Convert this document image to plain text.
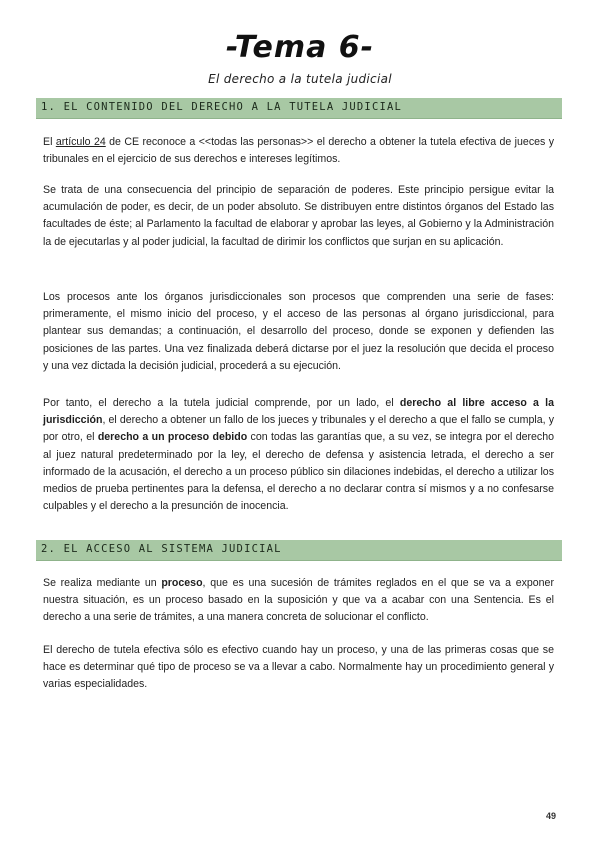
-Tema 6-
El derecho a la tutela judicial
1. EL CONTENIDO DEL DERECHO A LA TUTELA JUDICIAL
El artículo 24 de CE reconoce a <<todas las personas>> el derecho a obtener la tutela efectiva de jueces y tribunales en el ejercicio de sus derechos e intereses legítimos.
Se trata de una consecuencia del principio de separación de poderes. Este principio persigue evitar la acumulación de poder, es decir, de un poder absoluto. Se distribuyen entre distintos órganos del Estado las facultades de éste; al Parlamento la facultad de elaborar y aprobar las leyes, al Gobierno y la Administración la de ejecutarlas y al poder judicial, la facultad de dirimir los conflictos que surjan en su aplicación.
Los procesos ante los órganos jurisdiccionales son procesos que comprenden una serie de fases: primeramente, el mismo inicio del proceso, y el acceso de las personas al órgano jurisdiccional, para plantear sus demandas; a continuación, el desarrollo del proceso, donde se exponen y defienden las posiciones de las partes. Una vez finalizada deberá dictarse por el juez la resolución que decida el proceso y una vez dictada la decisión judicial, procederá a su ejecución.
Por tanto, el derecho a la tutela judicial comprende, por un lado, el derecho al libre acceso a la jurisdicción, el derecho a obtener un fallo de los jueces y tribunales y el derecho a que el fallo se cumpla, y por otro, el derecho a un proceso debido con todas las garantías que, a su vez, se integra por el derecho al juez natural predeterminado por la ley, el derecho de defensa y asistencia letrada, el derecho a ser informado de la acusación, el derecho a un proceso público sin dilaciones indebidas, el derecho a utilizar los medios de prueba pertinentes para la defensa, el derecho a no declarar contra sí mismos y a no confesarse culpables y el derecho a la presunción de inocencia.
2. EL ACCESO AL SISTEMA JUDICIAL
Se realiza mediante un proceso, que es una sucesión de trámites reglados en el que se va a exponer nuestra situación, es un proceso basado en la suposición y que va a acabar con una Sentencia. Es el derecho a una serie de trámites, a una manera concreta de solucionar el conflicto.
El derecho de tutela efectiva sólo es efectivo cuando hay un proceso, y una de las primeras cosas que se hace es determinar qué tipo de proceso se va a llevar a cabo. Normalmente hay un procedimiento general y varias especialidades.
49
